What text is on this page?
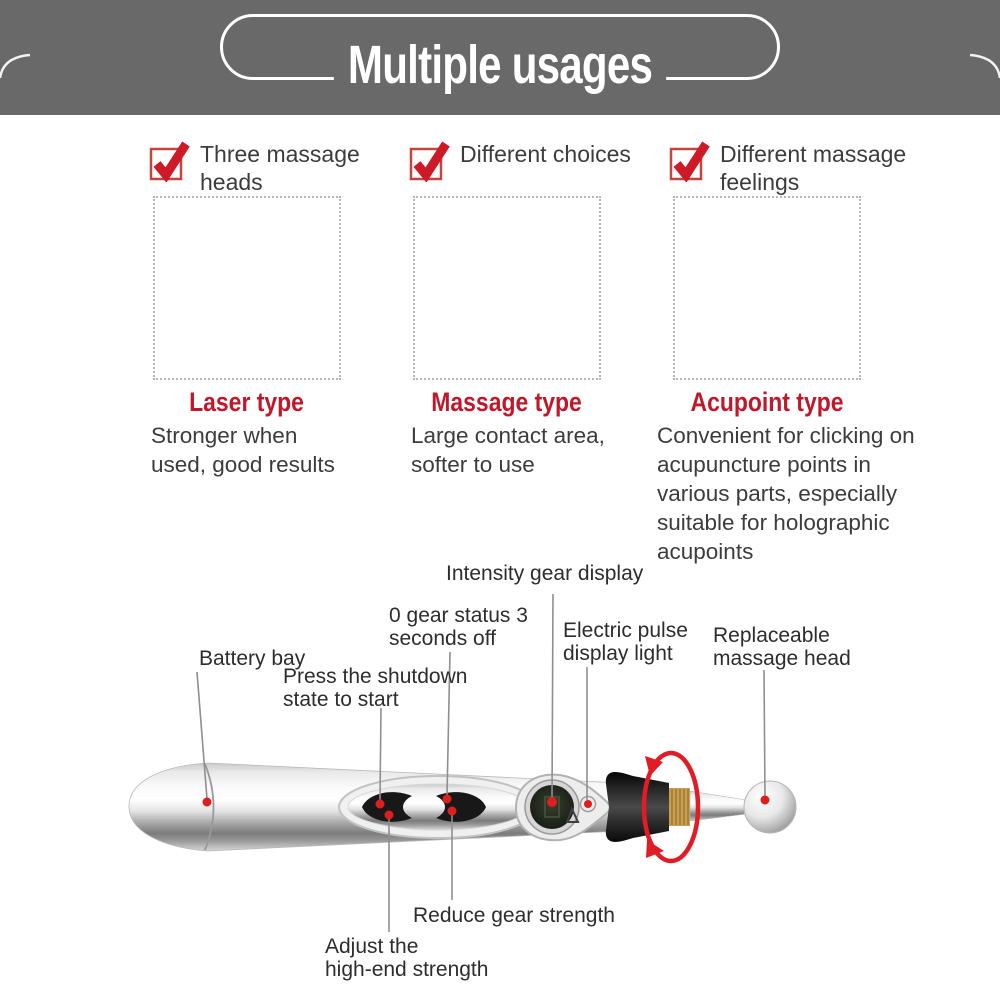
Multiple usages
Three massage
heads
Different choices	Different massage
feelings
Laser type	Massage type	Acupoint type
Stronger when used, good results
Large contact area, softer to use
Convenient for clicking on acupuncture points in various parts, especially suitable for holographic acupoints
Battery bay
Press the shutdown
state to start
0 gear status 3
seconds off
Intensity gear display
Electric pulse
display light
Replaceable
massage head
Reduce gear strength
Adjust the
high-end strength
